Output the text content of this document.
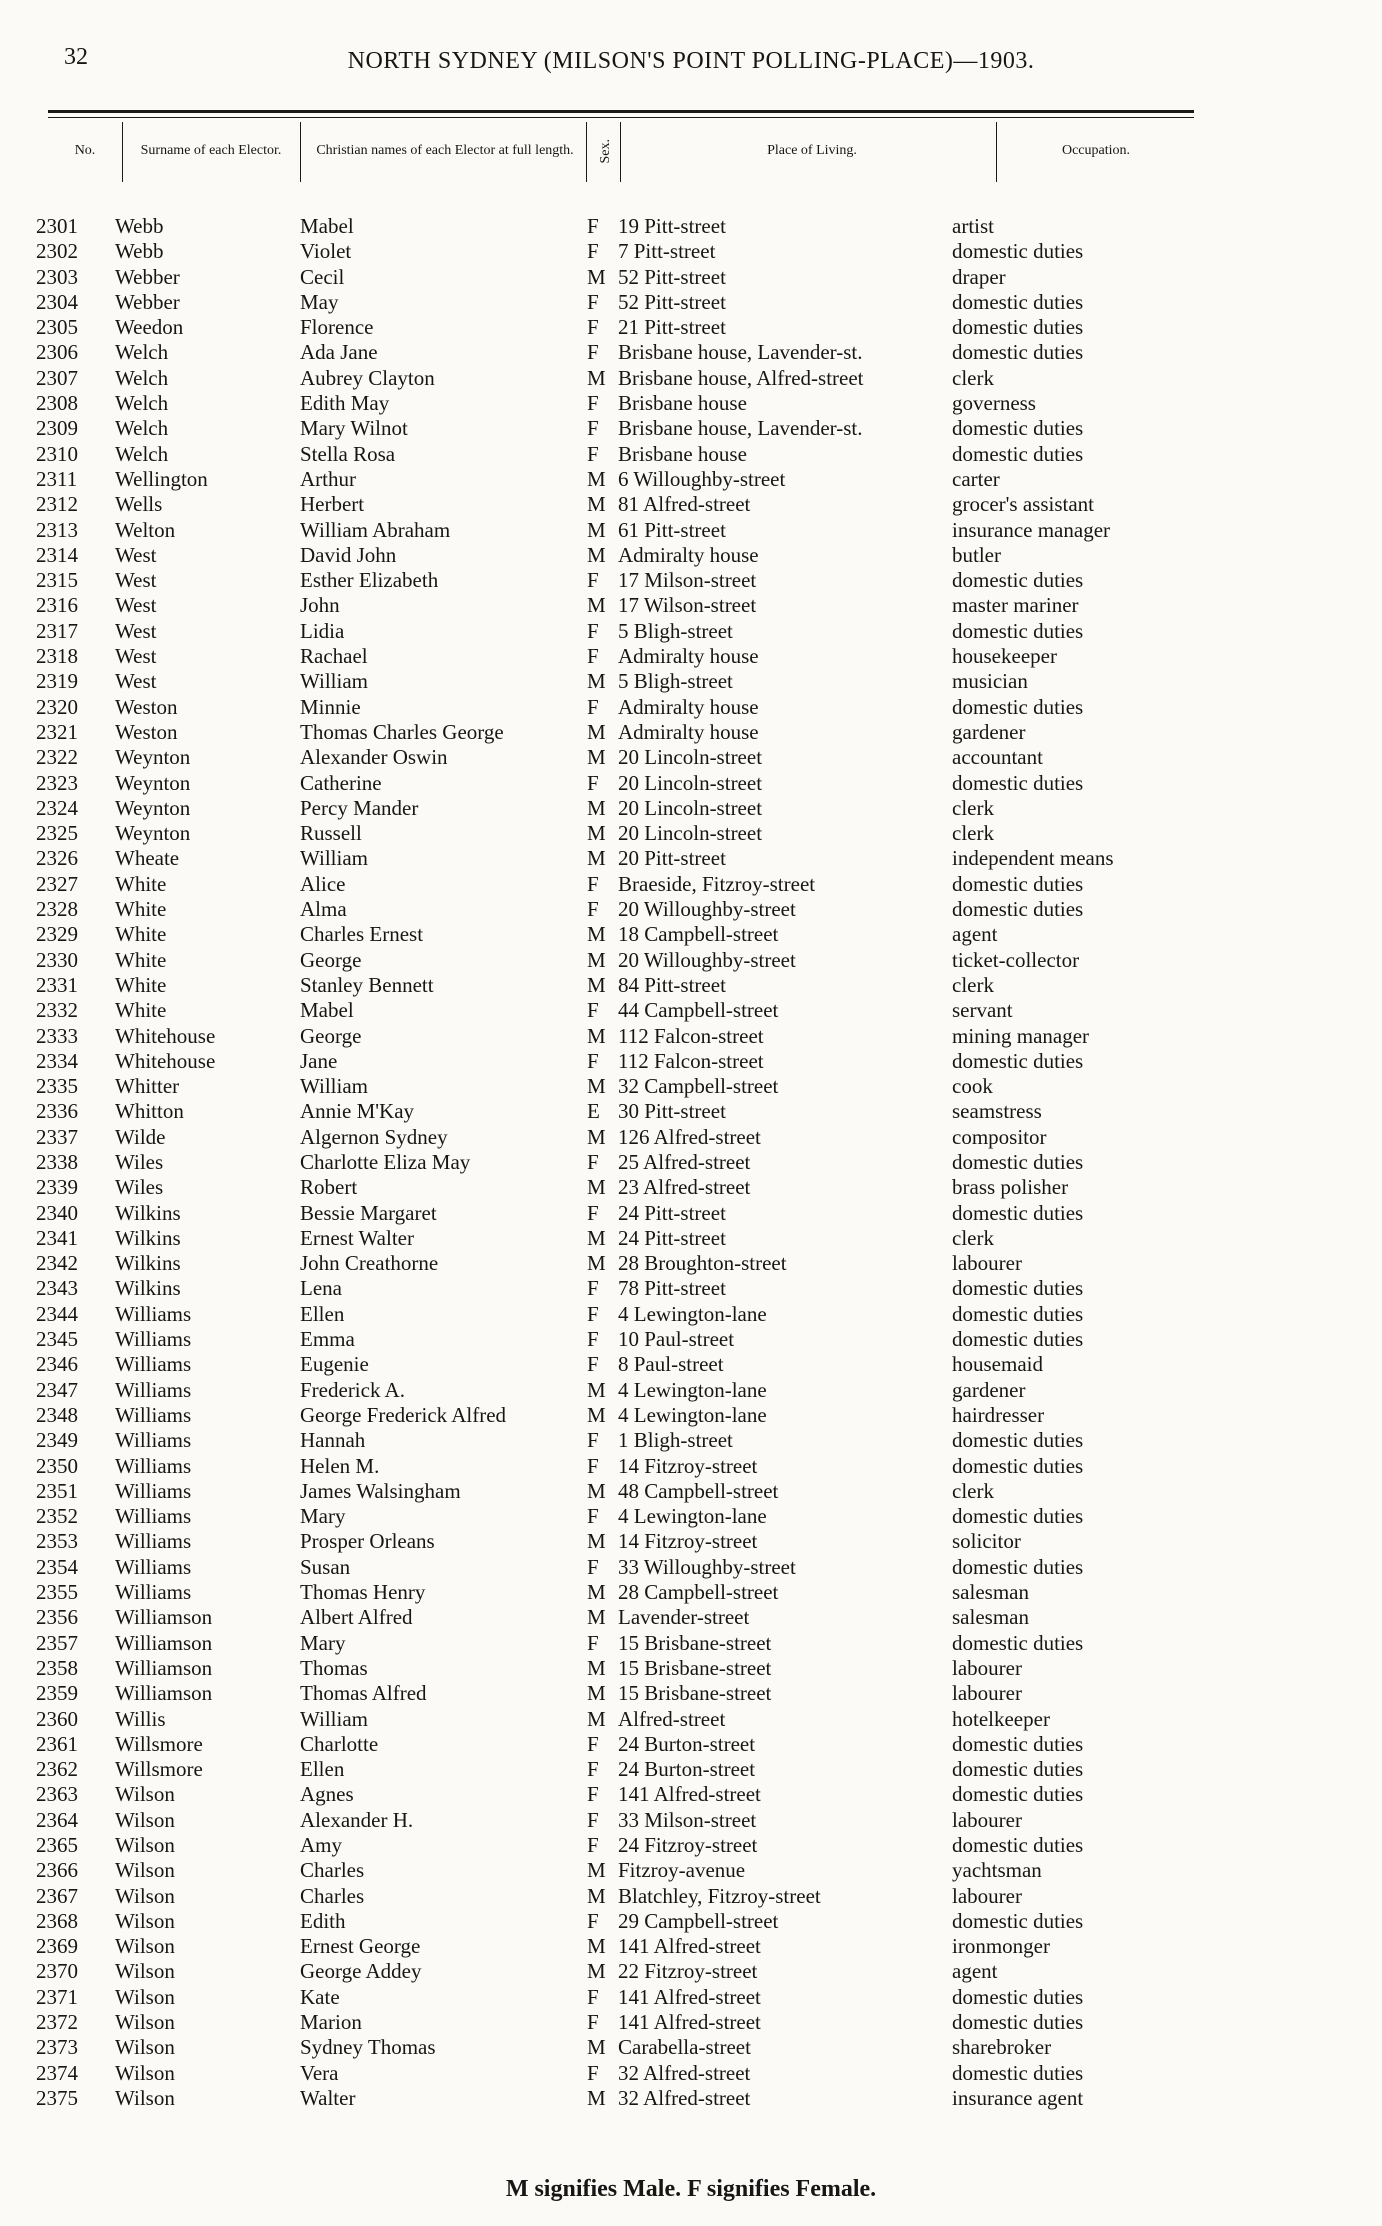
32	NORTH SYDNEY (MILSON'S POINT POLLING-PLACE)—1903.
No.	Surname of each Elector.	Christian names of each Elector at full length.	Sex.	Place of Living.	Occupation.
2301 Webb	Mabel	F 19 Pitt-street	artist
2302 Webb	Violet	F 7 Pitt-street	domestic duties
2303 Webber	Cecil	M 52 Pitt-street	draper
2304 Webber	May	F 52 Pitt-street	domestic duties
2305 Weedon	Florence	F 21 Pitt-street	domestic duties
2306 Welch	Ada Jane	F Brisbane house, Lavender-st.	domestic duties
2307 Welch	Aubrey Clayton	M Brisbane house, Alfred-street	clerk
2308 Welch	Edith May	F Brisbane house	governess
2309 Welch	Mary Wilnot	F Brisbane house, Lavender-st.	domestic duties
2310 Welch	Stella Rosa	F Brisbane house	domestic duties
2311 Wellington	Arthur	M 6 Willoughby-street	carter
2312 Wells	Herbert	M 81 Alfred-street	grocer's assistant
2313 Welton	William Abraham	M 61 Pitt-street	insurance manager
2314 West	David John	M Admiralty house	butler
2315 West	Esther Elizabeth	F 17 Milson-street	domestic duties
2316 West	John	M 17 Wilson-street	master mariner
2317 West	Lidia	F 5 Bligh-street	domestic duties
2318 West	Rachael	F Admiralty house	housekeeper
2319 West	William	M 5 Bligh-street	musician
2320 Weston	Minnie	F Admiralty house	domestic duties
2321 Weston	Thomas Charles George	M Admiralty house	gardener
2322 Weynton	Alexander Oswin	M 20 Lincoln-street	accountant
2323 Weynton	Catherine	F 20 Lincoln-street	domestic duties
2324 Weynton	Percy Mander	M 20 Lincoln-street	clerk
2325 Weynton	Russell	M 20 Lincoln-street	clerk
2326 Wheate	William	M 20 Pitt-street	independent means
2327 White	Alice	F Braeside, Fitzroy-street	domestic duties
2328 White	Alma	F 20 Willoughby-street	domestic duties
2329 White	Charles Ernest	M 18 Campbell-street	agent
2330 White	George	M 20 Willoughby-street	ticket-collector
2331 White	Stanley Bennett	M 84 Pitt-street	clerk
2332 White	Mabel	F 44 Campbell-street	servant
2333 Whitehouse	George	M 112 Falcon-street	mining manager
2334 Whitehouse	Jane	F 112 Falcon-street	domestic duties
2335 Whitter	William	M 32 Campbell-street	cook
2336 Whitton	Annie M'Kay	E 30 Pitt-street	seamstress
2337 Wilde	Algernon Sydney	M 126 Alfred-street	compositor
2338 Wiles	Charlotte Eliza May	F 25 Alfred-street	domestic duties
2339 Wiles	Robert	M 23 Alfred-street	brass polisher
2340 Wilkins	Bessie Margaret	F 24 Pitt-street	domestic duties
2341 Wilkins	Ernest Walter	M 24 Pitt-street	clerk
2342 Wilkins	John Creathorne	M 28 Broughton-street	labourer
2343 Wilkins	Lena	F 78 Pitt-street	domestic duties
2344 Williams	Ellen	F 4 Lewington-lane	domestic duties
2345 Williams	Emma	F 10 Paul-street	domestic duties
2346 Williams	Eugenie	F 8 Paul-street	housemaid
2347 Williams	Frederick A.	M 4 Lewington-lane	gardener
2348 Williams	George Frederick Alfred	M 4 Lewington-lane	hairdresser
2349 Williams	Hannah	F 1 Bligh-street	domestic duties
2350 Williams	Helen M.	F 14 Fitzroy-street	domestic duties
2351 Williams	James Walsingham	M 48 Campbell-street	clerk
2352 Williams	Mary	F 4 Lewington-lane	domestic duties
2353 Williams	Prosper Orleans	M 14 Fitzroy-street	solicitor
2354 Williams	Susan	F 33 Willoughby-street	domestic duties
2355 Williams	Thomas Henry	M 28 Campbell-street	salesman
2356 Williamson	Albert Alfred	M Lavender-street	salesman
2357 Williamson	Mary	F 15 Brisbane-street	domestic duties
2358 Williamson	Thomas	M 15 Brisbane-street	labourer
2359 Williamson	Thomas Alfred	M 15 Brisbane-street	labourer
2360 Willis	William	M Alfred-street	hotelkeeper
2361 Willsmore	Charlotte	F 24 Burton-street	domestic duties
2362 Willsmore	Ellen	F 24 Burton-street	domestic duties
2363 Wilson	Agnes	F 141 Alfred-street	domestic duties
2364 Wilson	Alexander H.	F 33 Milson-street	labourer
2365 Wilson	Amy	F 24 Fitzroy-street	domestic duties
2366 Wilson	Charles	M Fitzroy-avenue	yachtsman
2367 Wilson	Charles	M Blatchley, Fitzroy-street	labourer
2368 Wilson	Edith	F 29 Campbell-street	domestic duties
2369 Wilson	Ernest George	M 141 Alfred-street	ironmonger
2370 Wilson	George Addey	M 22 Fitzroy-street	agent
2371 Wilson	Kate	F 141 Alfred-street	domestic duties
2372 Wilson	Marion	F 141 Alfred-street	domestic duties
2373 Wilson	Sydney Thomas	M Carabella-street	sharebroker
2374 Wilson	Vera	F 32 Alfred-street	domestic duties
2375 Wilson	Walter	M 32 Alfred-street	insurance agent
M signifies Male. F signifies Female.
